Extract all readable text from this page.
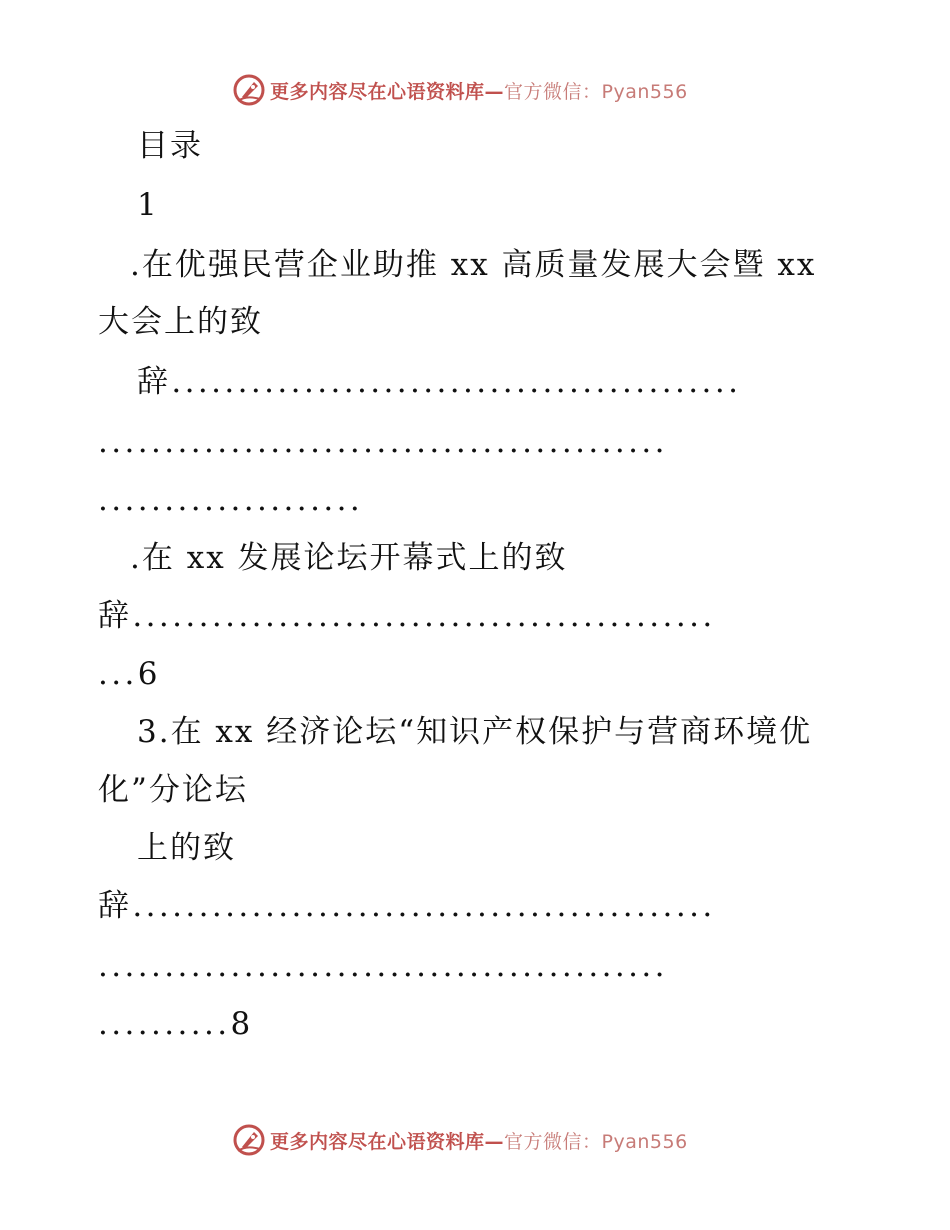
更多内容尽在心语资料库—官方微信：Pyan556
目录
1
.在优强民营企业助推 xx 高质量发展大会暨 xx
大会上的致
辞...........................................
...........................................
....................
.在 xx 发展论坛开幕式上的致
辞............................................
...6
3.在 xx 经济论坛“知识产权保护与营商环境优
化”分论坛
上的致
辞............................................
...........................................
..........8
更多内容尽在心语资料库—官方微信：Pyan556
